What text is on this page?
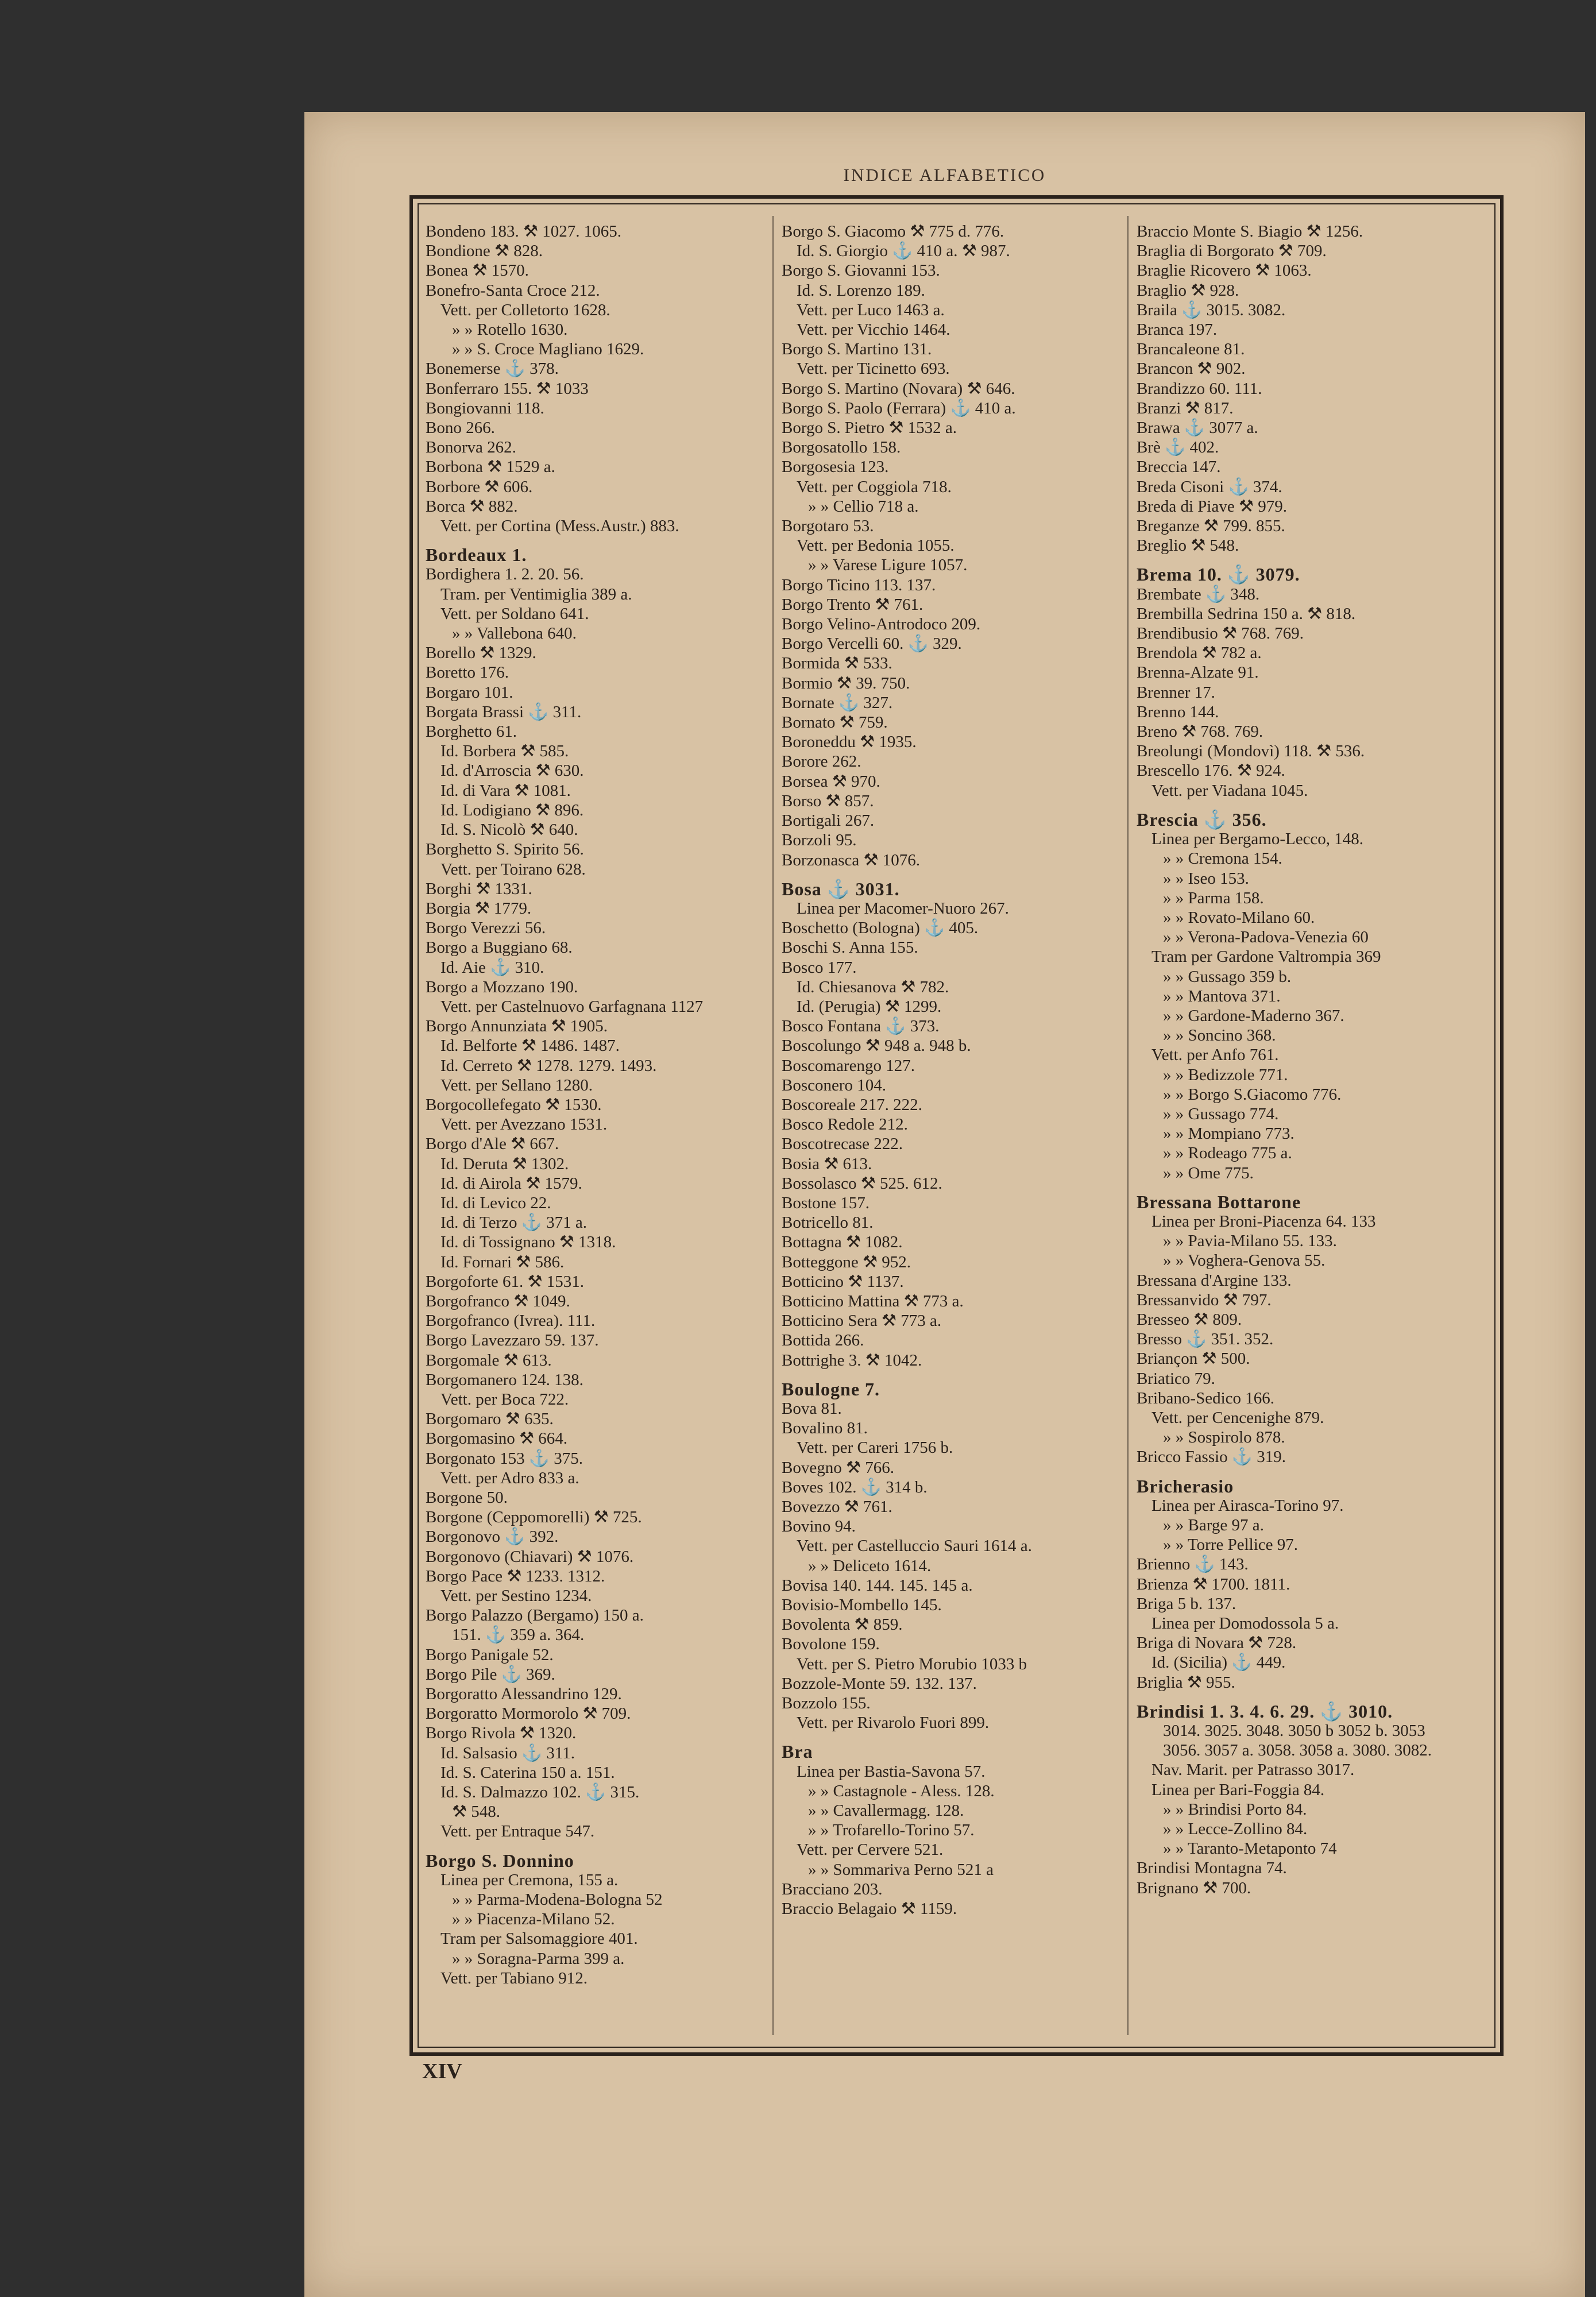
INDICE ALFABETICO
Bondeno 183. ⚒ 1027. 1065.
Bondione ⚒ 828.
Bonea ⚒ 1570.
Bonefro-Santa Croce 212.
Vett. per Colletorto 1628.
» » Rotello 1630.
» » S. Croce Magliano 1629.
Bonemerse ⚓ 378.
Bonferraro 155. ⚒ 1033
Bongiovanni 118.
Bono 266.
Bonorva 262.
Borbona ⚒ 1529 a.
Borbore ⚒ 606.
Borca ⚒ 882.
Vett. per Cortina (Mess.Austr.) 883.
Bordeaux 1.
Bordighera 1. 2. 20. 56.
Tram. per Ventimiglia 389 a.
Vett. per Soldano 641.
» » Vallebona 640.
Borello ⚒ 1329.
Boretto 176.
Borgaro 101.
Borgata Brassi ⚓ 311.
Borghetto 61.
Id. Borbera ⚒ 585.
Id. d'Arroscia ⚒ 630.
Id. di Vara ⚒ 1081.
Id. Lodigiano ⚒ 896.
Id. S. Nicolò ⚒ 640.
Borghetto S. Spirito 56.
Vett. per Toirano 628.
Borghi ⚒ 1331.
Borgia ⚒ 1779.
Borgo Verezzi 56.
Borgo a Buggiano 68.
Id. Aie ⚓ 310.
Borgo a Mozzano 190.
Vett. per Castelnuovo Garfagnana 1127
Borgo Annunziata ⚒ 1905.
Id. Belforte ⚒ 1486. 1487.
Id. Cerreto ⚒ 1278. 1279. 1493.
Vett. per Sellano 1280.
Borgocollefegato ⚒ 1530.
Vett. per Avezzano 1531.
Borgo d'Ale ⚒ 667.
Id. Deruta ⚒ 1302.
Id. di Airola ⚒ 1579.
Id. di Levico 22.
Id. di Terzo ⚓ 371 a.
Id. di Tossignano ⚒ 1318.
Id. Fornari ⚒ 586.
Borgoforte 61. ⚒ 1531.
Borgofranco ⚒ 1049.
Borgofranco (Ivrea). 111.
Borgo Lavezzaro 59. 137.
Borgomale ⚒ 613.
Borgomanero 124. 138.
Vett. per Boca 722.
Borgomaro ⚒ 635.
Borgomasino ⚒ 664.
Borgonato 153 ⚓ 375.
Vett. per Adro 833 a.
Borgone 50.
Borgone (Ceppomorelli) ⚒ 725.
Borgonovo ⚓ 392.
Borgonovo (Chiavari) ⚒ 1076.
Borgo Pace ⚒ 1233. 1312.
Vett. per Sestino 1234.
Borgo Palazzo (Bergamo) 150 a.
151. ⚓ 359 a. 364.
Borgo Panigale 52.
Borgo Pile ⚓ 369.
Borgoratto Alessandrino 129.
Borgoratto Mormorolo ⚒ 709.
Borgo Rivola ⚒ 1320.
Id. Salsasio ⚓ 311.
Id. S. Caterina 150 a. 151.
Id. S. Dalmazzo 102. ⚓ 315.
⚒ 548.
Vett. per Entraque 547.
Borgo S. Donnino
Linea per Cremona, 155 a.
» » Parma-Modena-Bologna 52
» » Piacenza-Milano 52.
Tram per Salsomaggiore 401.
» » Soragna-Parma 399 a.
Vett. per Tabiano 912.
Borgo S. Giacomo ⚒ 775 d. 776.
Id. S. Giorgio ⚓ 410 a. ⚒ 987.
Borgo S. Giovanni 153.
Id. S. Lorenzo 189.
Vett. per Luco 1463 a.
Vett. per Vicchio 1464.
Borgo S. Martino 131.
Vett. per Ticinetto 693.
Borgo S. Martino (Novara) ⚒ 646.
Borgo S. Paolo (Ferrara) ⚓ 410 a.
Borgo S. Pietro ⚒ 1532 a.
Borgosatollo 158.
Borgosesia 123.
Vett. per Coggiola 718.
» » Cellio 718 a.
Borgotaro 53.
Vett. per Bedonia 1055.
» » Varese Ligure 1057.
Borgo Ticino 113. 137.
Borgo Trento ⚒ 761.
Borgo Velino-Antrodoco 209.
Borgo Vercelli 60. ⚓ 329.
Bormida ⚒ 533.
Bormio ⚒ 39. 750.
Bornate ⚓ 327.
Bornato ⚒ 759.
Boroneddu ⚒ 1935.
Borore 262.
Borsea ⚒ 970.
Borso ⚒ 857.
Bortigali 267.
Borzoli 95.
Borzonasca ⚒ 1076.
Bosa ⚓ 3031.
Linea per Macomer-Nuoro 267.
Boschetto (Bologna) ⚓ 405.
Boschi S. Anna 155.
Bosco 177.
Id. Chiesanova ⚒ 782.
Id. (Perugia) ⚒ 1299.
Bosco Fontana ⚓ 373.
Boscolungo ⚒ 948 a. 948 b.
Boscomarengo 127.
Bosconero 104.
Boscoreale 217. 222.
Bosco Redole 212.
Boscotrecase 222.
Bosia ⚒ 613.
Bossolasco ⚒ 525. 612.
Bostone 157.
Botricello 81.
Bottagna ⚒ 1082.
Botteggone ⚒ 952.
Botticino ⚒ 1137.
Botticino Mattina ⚒ 773 a.
Botticino Sera ⚒ 773 a.
Bottida 266.
Bottrighe 3. ⚒ 1042.
Boulogne 7.
Bova 81.
Bovalino 81.
Vett. per Careri 1756 b.
Bovegno ⚒ 766.
Boves 102. ⚓ 314 b.
Bovezzo ⚒ 761.
Bovino 94.
Vett. per Castelluccio Sauri 1614 a.
» » Deliceto 1614.
Bovisa 140. 144. 145. 145 a.
Bovisio-Mombello 145.
Bovolenta ⚒ 859.
Bovolone 159.
Vett. per S. Pietro Morubio 1033 b
Bozzole-Monte 59. 132. 137.
Bozzolo 155.
Vett. per Rivarolo Fuori 899.
Bra
Linea per Bastia-Savona 57.
» » Castagnole - Aless. 128.
» » Cavallermagg. 128.
» » Trofarello-Torino 57.
Vett. per Cervere 521.
» » Sommariva Perno 521 a
Bracciano 203.
Braccio Belagaio ⚒ 1159.
Braccio Monte S. Biagio ⚒ 1256.
Braglia di Borgorato ⚒ 709.
Braglie Ricovero ⚒ 1063.
Braglio ⚒ 928.
Braila ⚓ 3015. 3082.
Branca 197.
Brancaleone 81.
Brancon ⚒ 902.
Brandizzo 60. 111.
Branzi ⚒ 817.
Brawa ⚓ 3077 a.
Brè ⚓ 402.
Breccia 147.
Breda Cisoni ⚓ 374.
Breda di Piave ⚒ 979.
Breganze ⚒ 799. 855.
Breglio ⚒ 548.
Brema 10. ⚓ 3079.
Brembate ⚓ 348.
Brembilla Sedrina 150 a. ⚒ 818.
Brendibusio ⚒ 768. 769.
Brendola ⚒ 782 a.
Brenna-Alzate 91.
Brenner 17.
Brenno 144.
Breno ⚒ 768. 769.
Breolungi (Mondovì) 118. ⚒ 536.
Brescello 176. ⚒ 924.
Vett. per Viadana 1045.
Brescia ⚓ 356.
Linea per Bergamo-Lecco, 148.
» » Cremona 154.
» » Iseo 153.
» » Parma 158.
» » Rovato-Milano 60.
» » Verona-Padova-Venezia 60
Tram per Gardone Valtrompia 369
» » Gussago 359 b.
» » Mantova 371.
» » Gardone-Maderno 367.
» » Soncino 368.
Vett. per Anfo 761.
» » Bedizzole 771.
» » Borgo S.Giacomo 776.
» » Gussago 774.
» » Mompiano 773.
» » Rodeago 775 a.
» » Ome 775.
Bressana Bottarone
Linea per Broni-Piacenza 64. 133
» » Pavia-Milano 55. 133.
» » Voghera-Genova 55.
Bressana d'Argine 133.
Bressanvido ⚒ 797.
Bresseo ⚒ 809.
Bresso ⚓ 351. 352.
Briançon ⚒ 500.
Briatico 79.
Bribano-Sedico 166.
Vett. per Cencenighe 879.
» » Sospirolo 878.
Bricco Fassio ⚓ 319.
Bricherasio
Linea per Airasca-Torino 97.
» » Barge 97 a.
» » Torre Pellice 97.
Brienno ⚓ 143.
Brienza ⚒ 1700. 1811.
Briga 5 b. 137.
Linea per Domodossola 5 a.
Briga di Novara ⚒ 728.
Id. (Sicilia) ⚓ 449.
Briglia ⚒ 955.
Brindisi 1. 3. 4. 6. 29. ⚓ 3010.
3014. 3025. 3048. 3050 b 3052 b. 3053
3056. 3057 a. 3058. 3058 a. 3080. 3082.
Nav. Marit. per Patrasso 3017.
Linea per Bari-Foggia 84.
» » Brindisi Porto 84.
» » Lecce-Zollino 84.
» » Taranto-Metaponto 74
Brindisi Montagna 74.
Brignano ⚒ 700.
XIV
